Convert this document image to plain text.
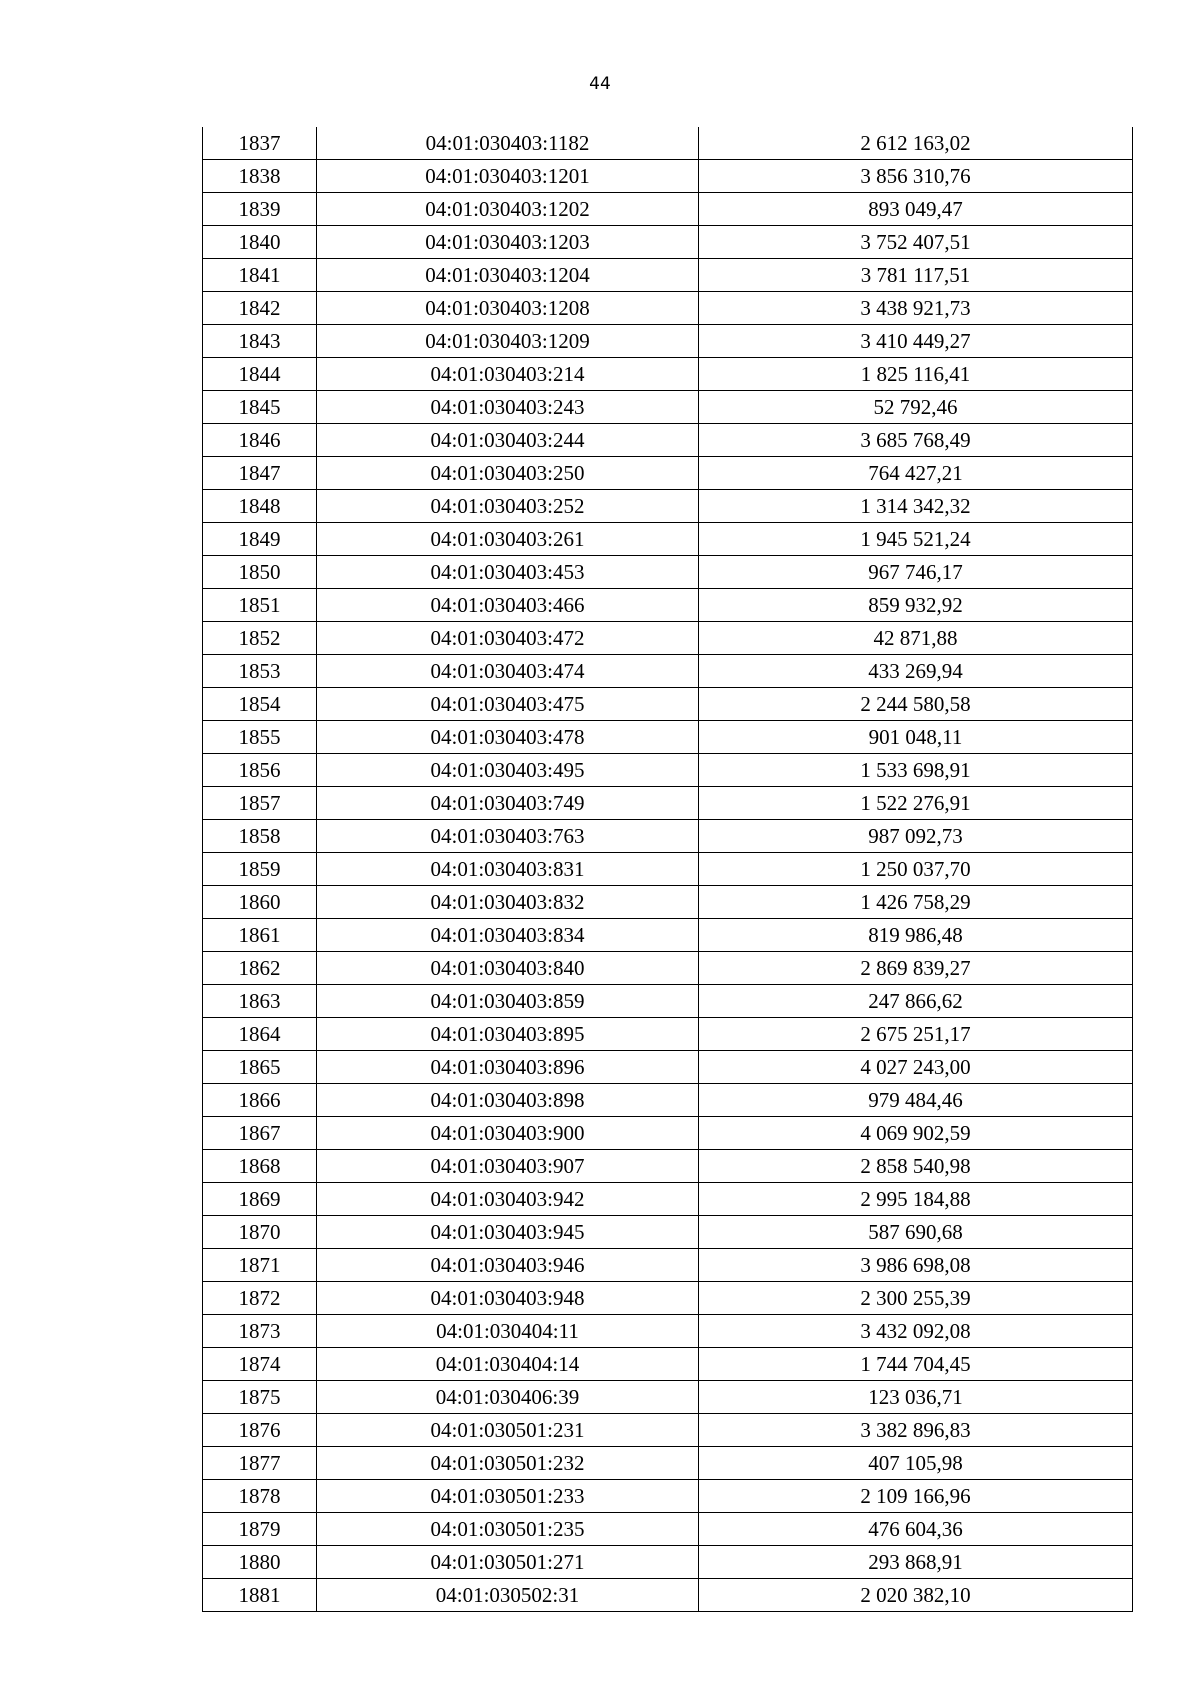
44
1837	04:01:030403:1182	2 612 163,02
1838	04:01:030403:1201	3 856 310,76
1839	04:01:030403:1202	893 049,47
1840	04:01:030403:1203	3 752 407,51
1841	04:01:030403:1204	3 781 117,51
1842	04:01:030403:1208	3 438 921,73
1843	04:01:030403:1209	3 410 449,27
1844	04:01:030403:214	1 825 116,41
1845	04:01:030403:243	52 792,46
1846	04:01:030403:244	3 685 768,49
1847	04:01:030403:250	764 427,21
1848	04:01:030403:252	1 314 342,32
1849	04:01:030403:261	1 945 521,24
1850	04:01:030403:453	967 746,17
1851	04:01:030403:466	859 932,92
1852	04:01:030403:472	42 871,88
1853	04:01:030403:474	433 269,94
1854	04:01:030403:475	2 244 580,58
1855	04:01:030403:478	901 048,11
1856	04:01:030403:495	1 533 698,91
1857	04:01:030403:749	1 522 276,91
1858	04:01:030403:763	987 092,73
1859	04:01:030403:831	1 250 037,70
1860	04:01:030403:832	1 426 758,29
1861	04:01:030403:834	819 986,48
1862	04:01:030403:840	2 869 839,27
1863	04:01:030403:859	247 866,62
1864	04:01:030403:895	2 675 251,17
1865	04:01:030403:896	4 027 243,00
1866	04:01:030403:898	979 484,46
1867	04:01:030403:900	4 069 902,59
1868	04:01:030403:907	2 858 540,98
1869	04:01:030403:942	2 995 184,88
1870	04:01:030403:945	587 690,68
1871	04:01:030403:946	3 986 698,08
1872	04:01:030403:948	2 300 255,39
1873	04:01:030404:11	3 432 092,08
1874	04:01:030404:14	1 744 704,45
1875	04:01:030406:39	123 036,71
1876	04:01:030501:231	3 382 896,83
1877	04:01:030501:232	407 105,98
1878	04:01:030501:233	2 109 166,96
1879	04:01:030501:235	476 604,36
1880	04:01:030501:271	293 868,91
1881	04:01:030502:31	2 020 382,10
